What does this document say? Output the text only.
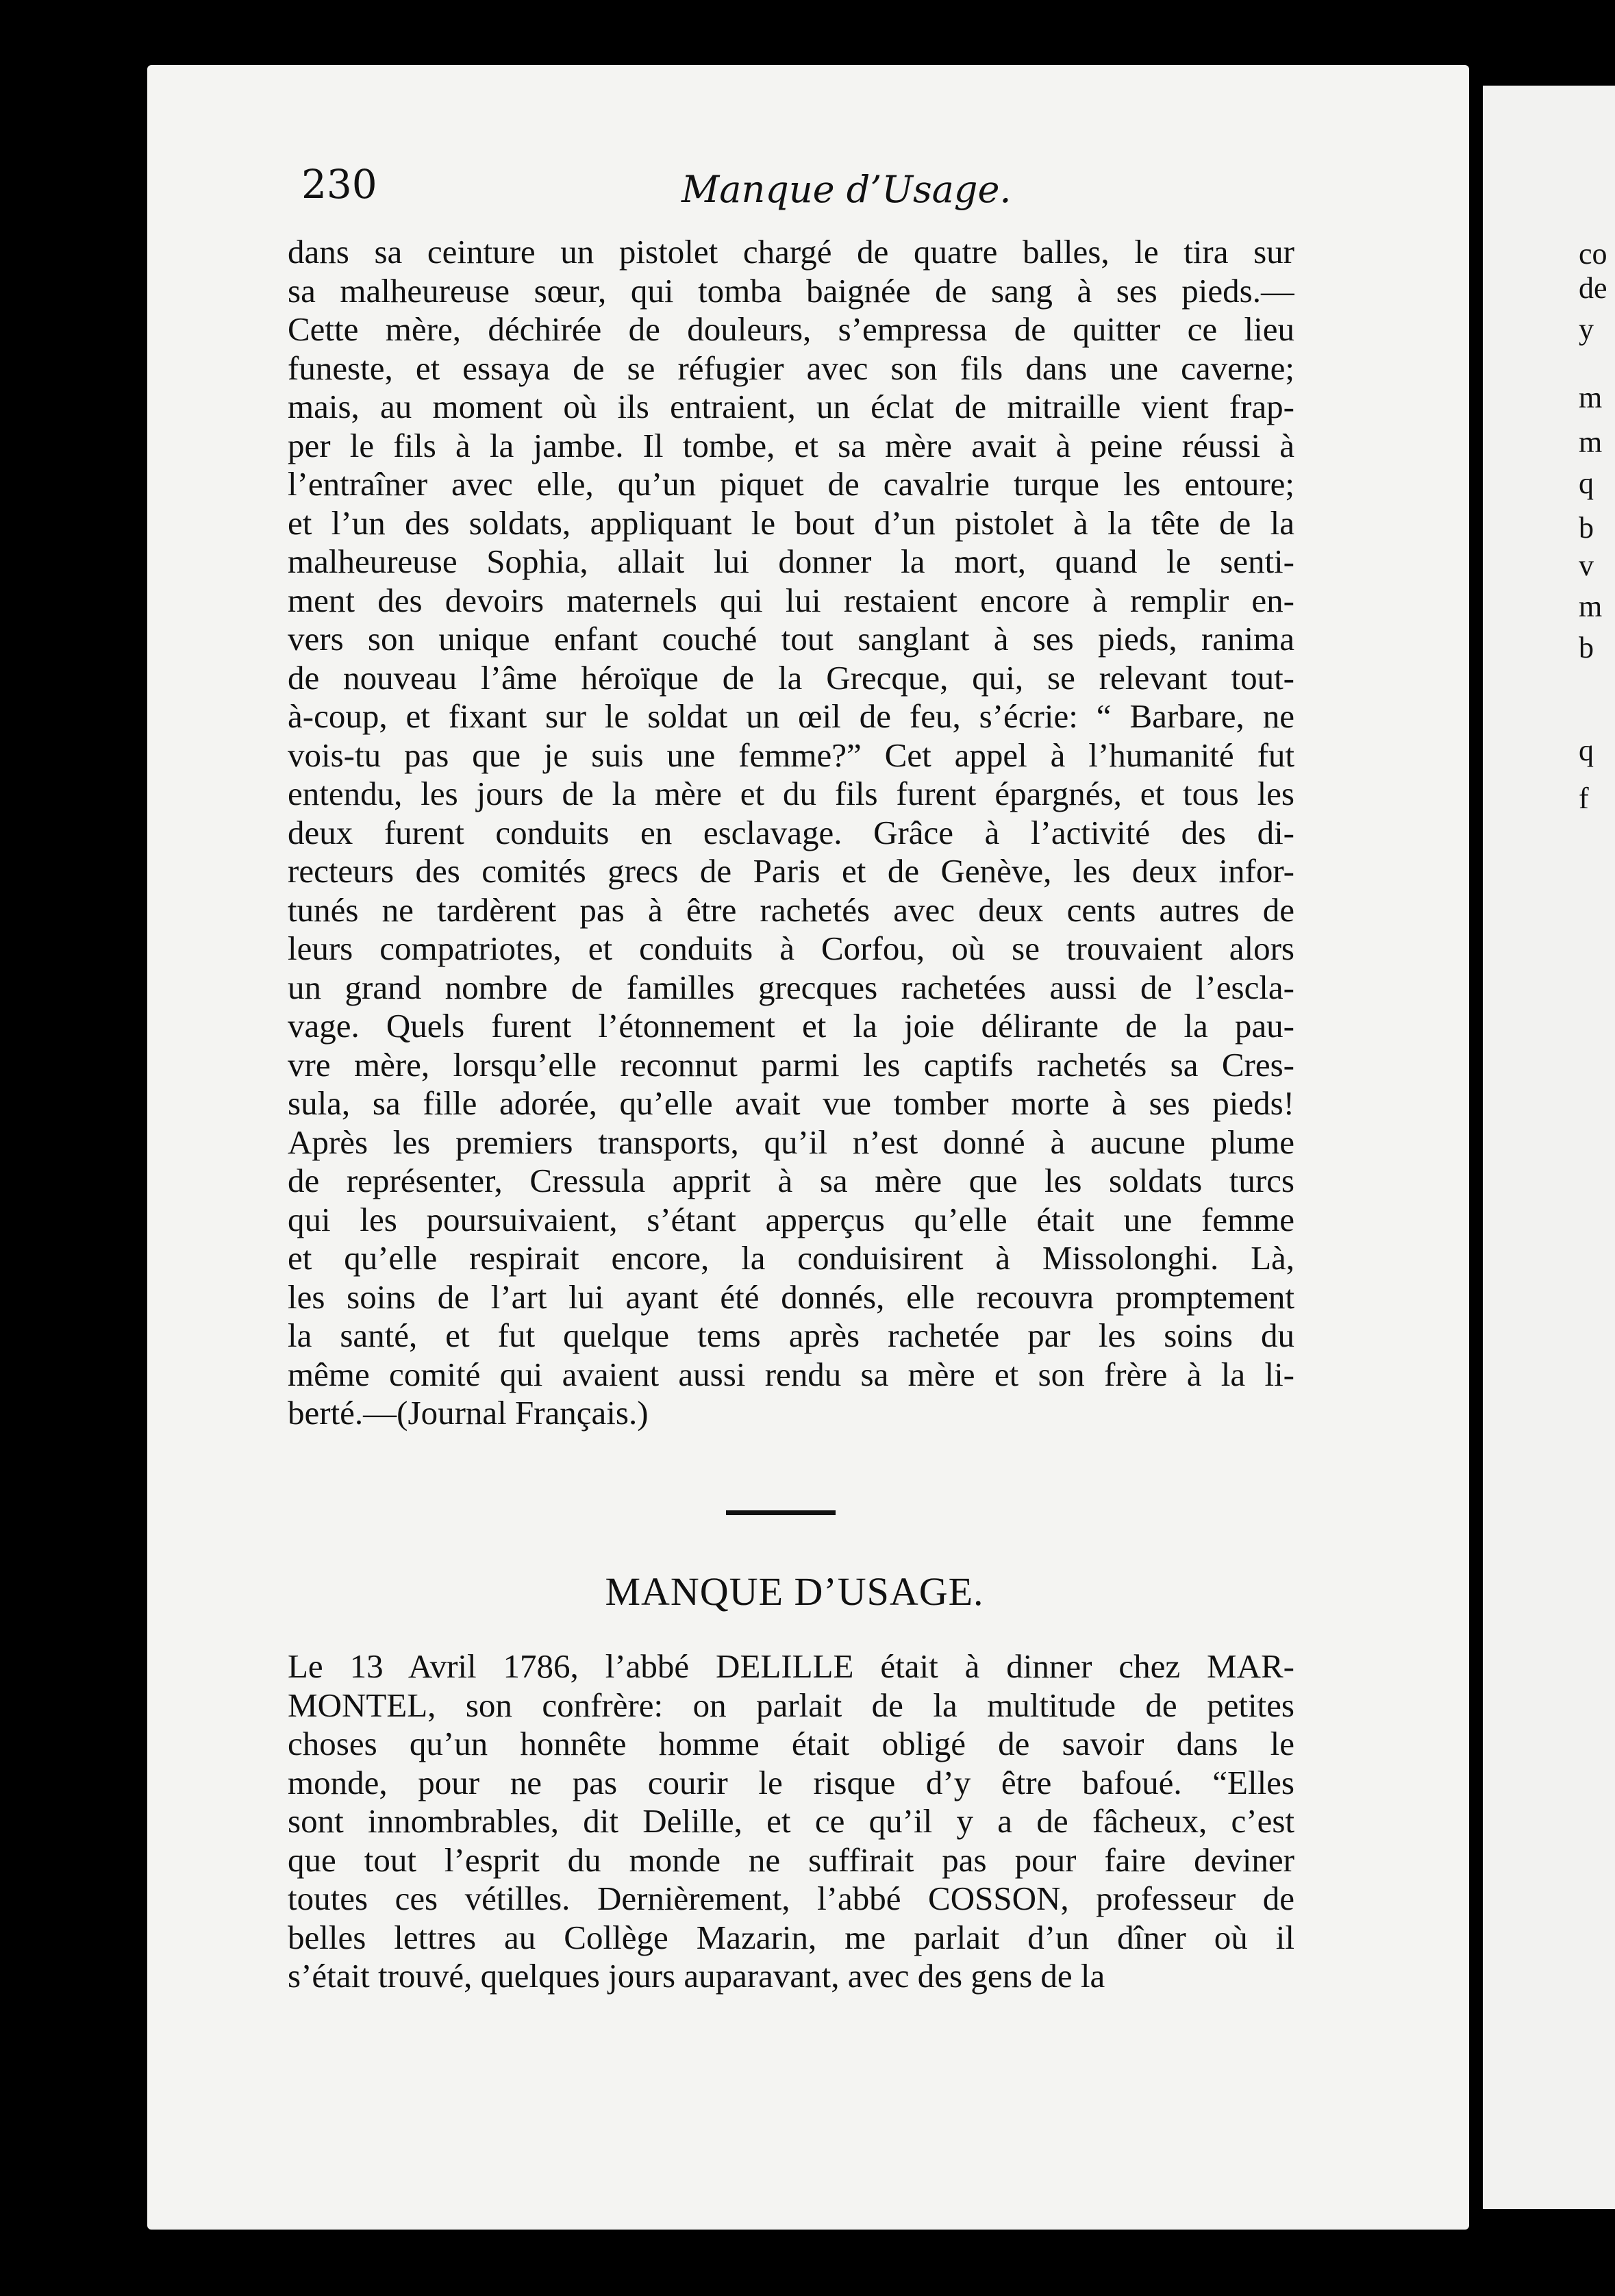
230	Manque d’Usage.
dans sa ceinture un pistolet chargé de quatre balles, le tira sur
sa malheureuse sœur, qui tomba baignée de sang à ses pieds.—
Cette mère, déchirée de douleurs, s’empressa de quitter ce lieu
funeste, et essaya de se réfugier avec son fils dans une caverne;
mais, au moment où ils entraient, un éclat de mitraille vient frap-
per le fils à la jambe. Il tombe, et sa mère avait à peine réussi à
l’entraîner avec elle, qu’un piquet de cavalrie turque les entoure;
et l’un des soldats, appliquant le bout d’un pistolet à la tête de la
malheureuse Sophia, allait lui donner la mort, quand le senti-
ment des devoirs maternels qui lui restaient encore à remplir en-
vers son unique enfant couché tout sanglant à ses pieds, ranima
de nouveau l’âme héroïque de la Grecque, qui, se relevant tout-
à-coup, et fixant sur le soldat un œil de feu, s’écrie: “ Barbare, ne
vois-tu pas que je suis une femme?” Cet appel à l’humanité fut
entendu, les jours de la mère et du fils furent épargnés, et tous les
deux furent conduits en esclavage. Grâce à l’activité des di-
recteurs des comités grecs de Paris et de Genève, les deux infor-
tunés ne tardèrent pas à être rachetés avec deux cents autres de
leurs compatriotes, et conduits à Corfou, où se trouvaient alors
un grand nombre de familles grecques rachetées aussi de l’escla-
vage. Quels furent l’étonnement et la joie délirante de la pau-
vre mère, lorsqu’elle reconnut parmi les captifs rachetés sa Cres-
sula, sa fille adorée, qu’elle avait vue tomber morte à ses pieds!
Après les premiers transports, qu’il n’est donné à aucune plume
de représenter, Cressula apprit à sa mère que les soldats turcs
qui les poursuivaient, s’étant apperçus qu’elle était une femme
et qu’elle respirait encore, la conduisirent à Missolonghi. Là,
les soins de l’art lui ayant été donnés, elle recouvra promptement
la santé, et fut quelque tems après rachetée par les soins du
même comité qui avaient aussi rendu sa mère et son frère à la li-
berté.—(Journal Français.)
MANQUE D’USAGE.
Le 13 Avril 1786, l’abbé DELILLE était à dinner chez MAR-
MONTEL, son confrère: on parlait de la multitude de petites
choses qu’un honnête homme était obligé de savoir dans le
monde, pour ne pas courir le risque d’y être bafoué. “Elles
sont innombrables, dit Delille, et ce qu’il y a de fâcheux, c’est
que tout l’esprit du monde ne suffirait pas pour faire deviner
toutes ces vétilles. Dernièrement, l’abbé COSSON, professeur de
belles lettres au Collège Mazarin, me parlait d’un dîner où il
s’était trouvé, quelques jours auparavant, avec des gens de la
co
de
y
m
m
q
b
v
m
b
q
f
